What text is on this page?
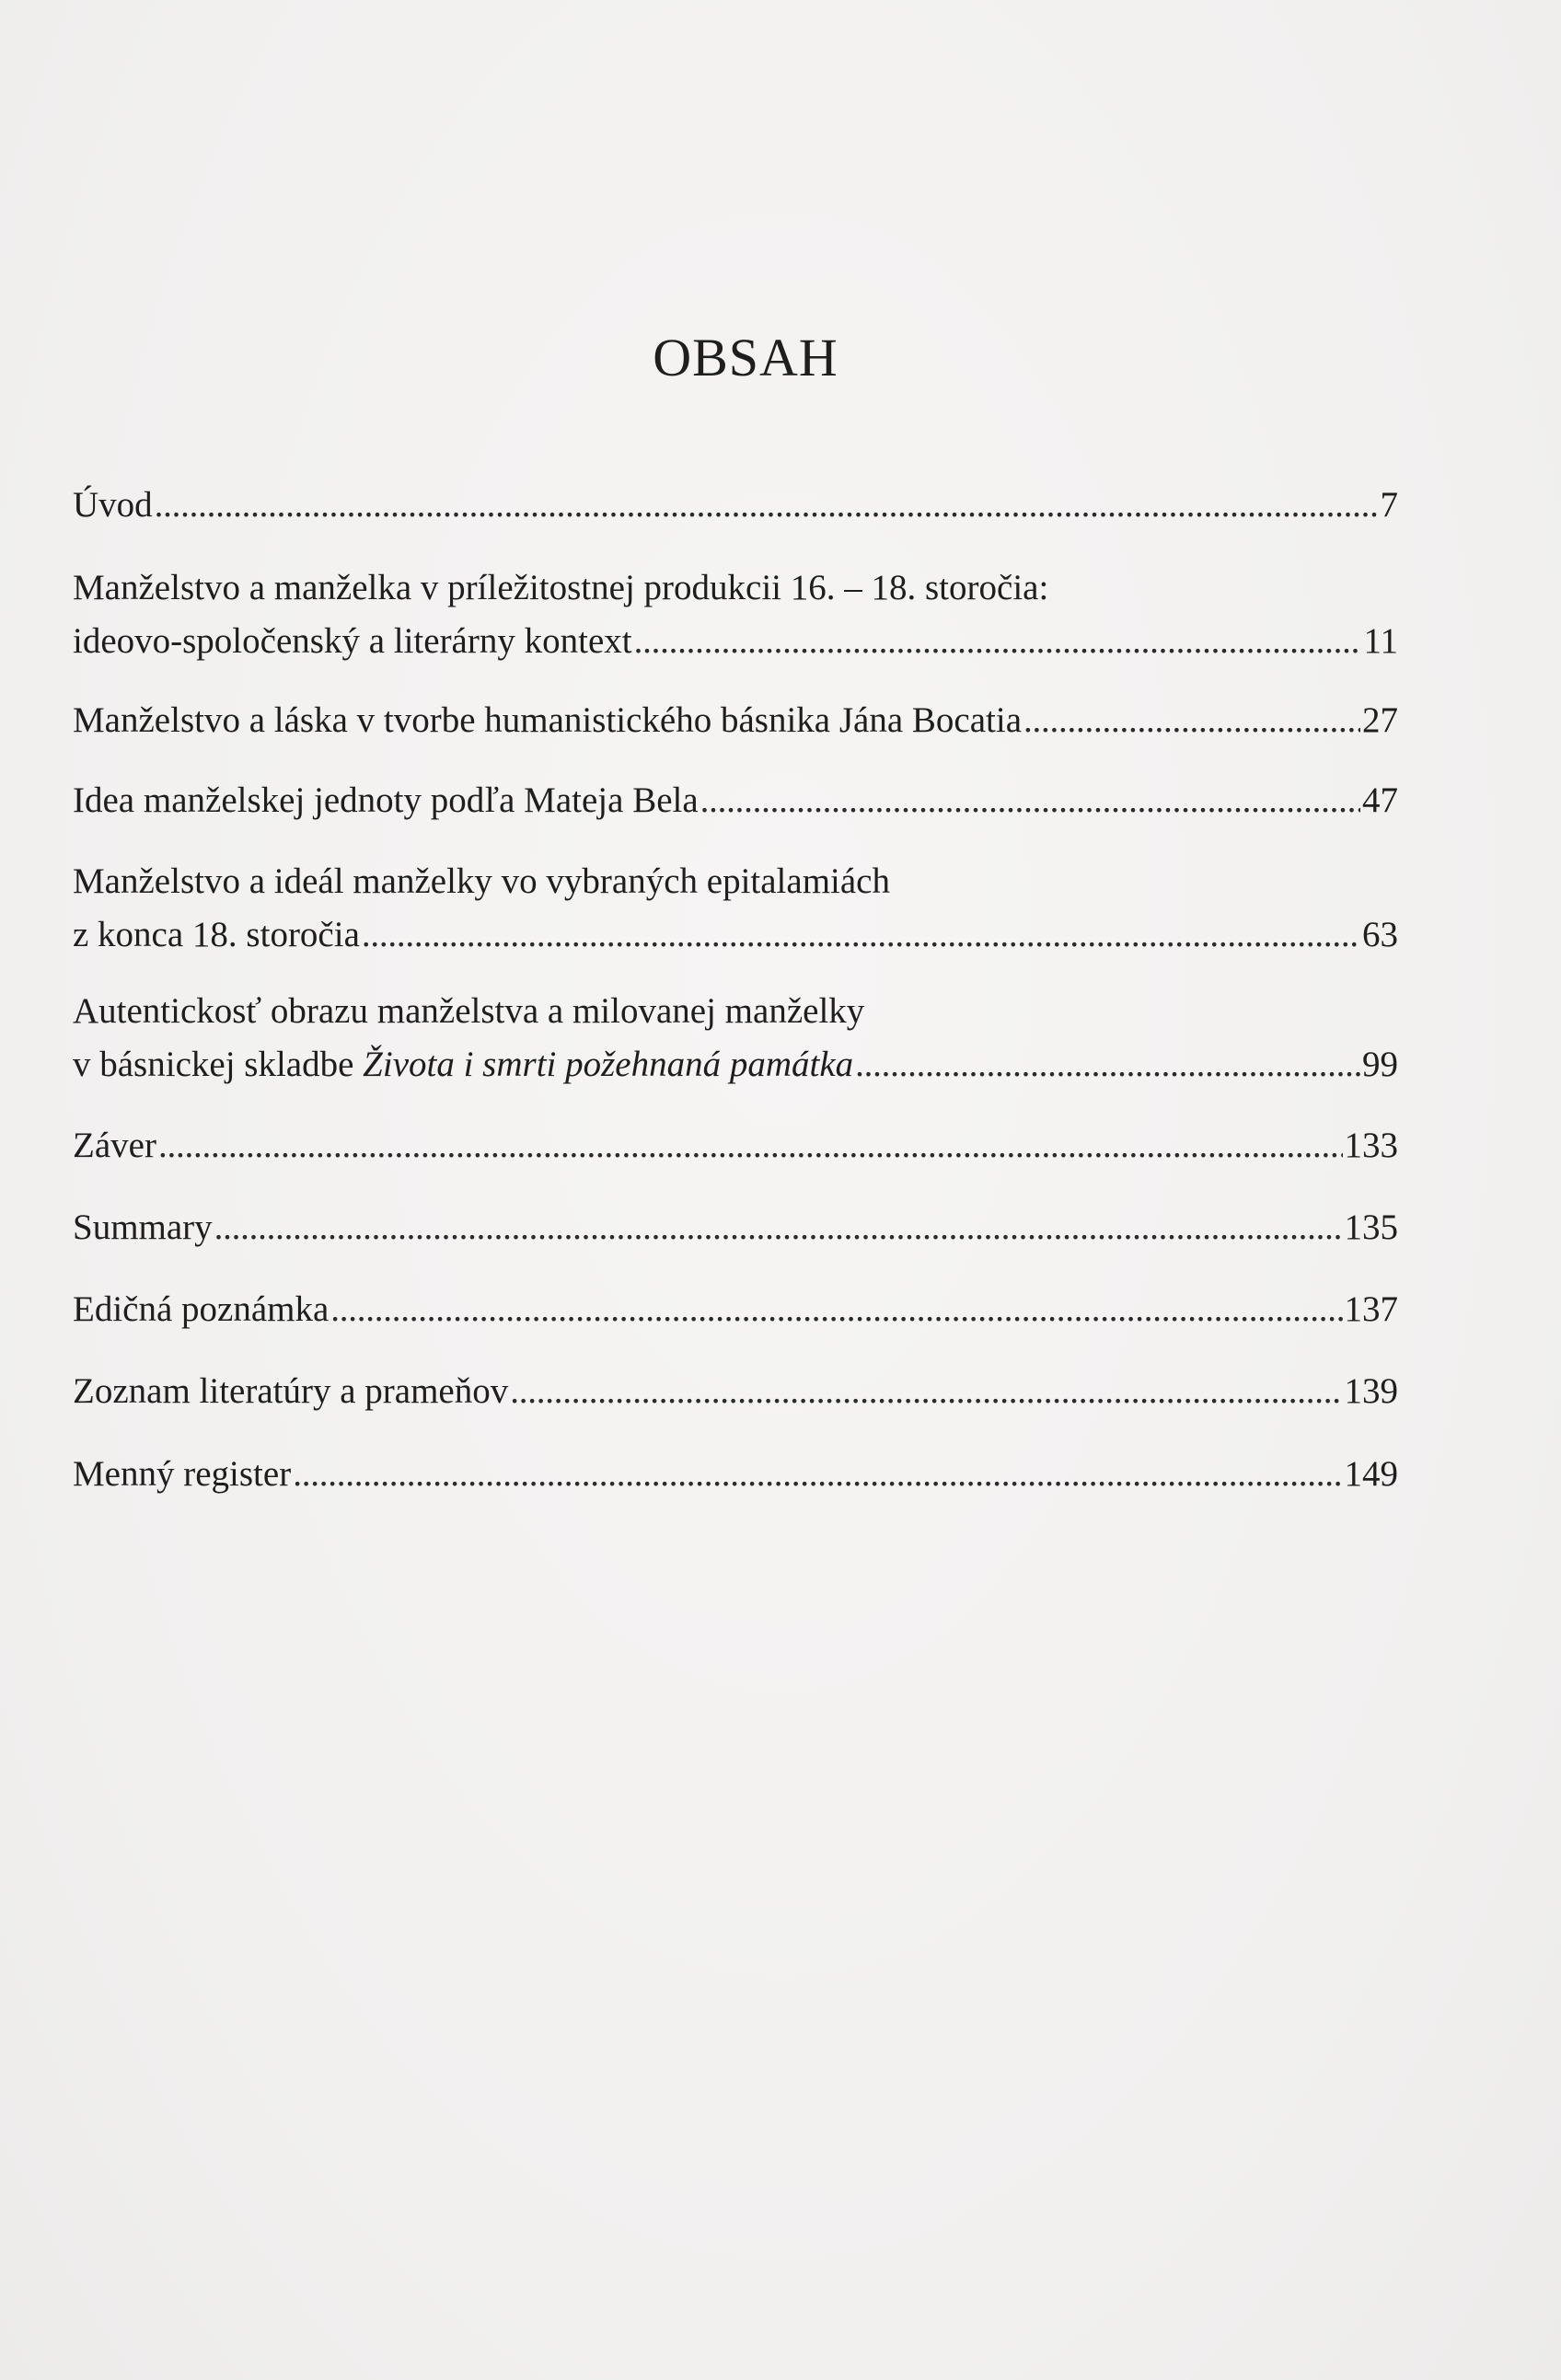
OBSAH
Úvod . . .	7
Manželstvo a manželka v príležitostnej produkcii 16. – 18. storočia:
ideovo-spoločenský a literárny kontext . . .	11
Manželstvo a láska v tvorbe humanistického básnika Jána Bocatia . . .	27
Idea manželskej jednoty podľa Mateja Bela . . .	47
Manželstvo a ideál manželky vo vybraných epitalamiách
z konca 18. storočia . . .	63
Autentickosť obrazu manželstva a milovanej manželky
v básnickej skladbe Života i smrti požehnaná památka . . .	99
Záver . . .	133
Summary . . .	135
Edičná poznámka . . .	137
Zoznam literatúry a prameňov . . .	139
Menný register . . .	149
